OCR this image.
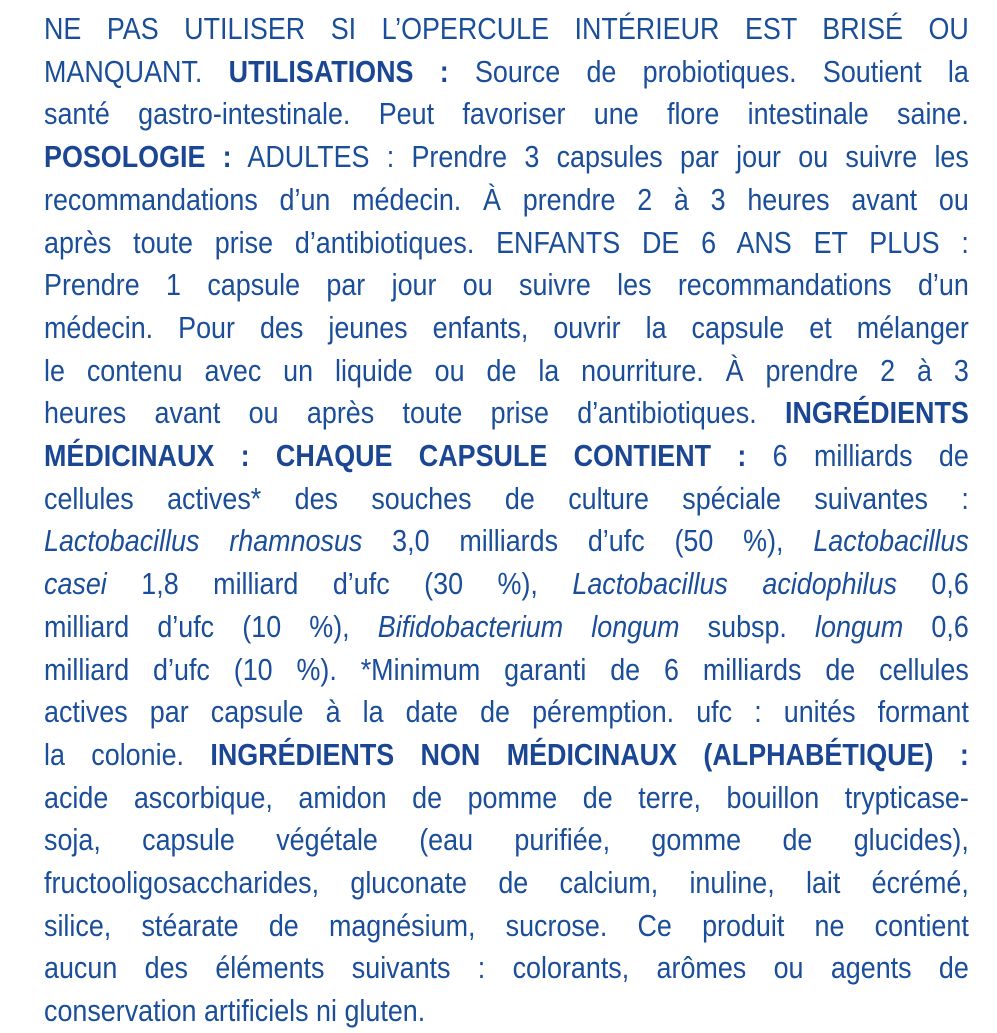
NE PAS UTILISER SI L’OPERCULE INTÉRIEUR EST BRISÉ OU
MANQUANT. UTILISATIONS : Source de probiotiques. Soutient la
santé gastro-intestinale. Peut favoriser une flore intestinale saine.
POSOLOGIE : ADULTES : Prendre 3 capsules par jour ou suivre les
recommandations d’un médecin. À prendre 2 à 3 heures avant ou
après toute prise d’antibiotiques. ENFANTS DE 6 ANS ET PLUS :
Prendre 1 capsule par jour ou suivre les recommandations d’un
médecin. Pour des jeunes enfants, ouvrir la capsule et mélanger
le contenu avec un liquide ou de la nourriture. À prendre 2 à 3
heures avant ou après toute prise d’antibiotiques. INGRÉDIENTS
MÉDICINAUX : CHAQUE CAPSULE CONTIENT : 6 milliards de
cellules actives* des souches de culture spéciale suivantes :
Lactobacillus rhamnosus 3,0 milliards d’ufc (50 %), Lactobacillus
casei 1,8 milliard d’ufc (30 %), Lactobacillus acidophilus 0,6
milliard d’ufc (10 %), Bifidobacterium longum subsp. longum 0,6
milliard d’ufc (10 %). *Minimum garanti de 6 milliards de cellules
actives par capsule à la date de péremption. ufc : unités formant
la colonie. INGRÉDIENTS NON MÉDICINAUX (ALPHABÉTIQUE) :
acide ascorbique, amidon de pomme de terre, bouillon trypticase-
soja, capsule végétale (eau purifiée, gomme de glucides),
fructooligosaccharides, gluconate de calcium, inuline, lait écrémé,
silice, stéarate de magnésium, sucrose. Ce produit ne contient
aucun des éléments suivants : colorants, arômes ou agents de
conservation artificiels ni gluten.
